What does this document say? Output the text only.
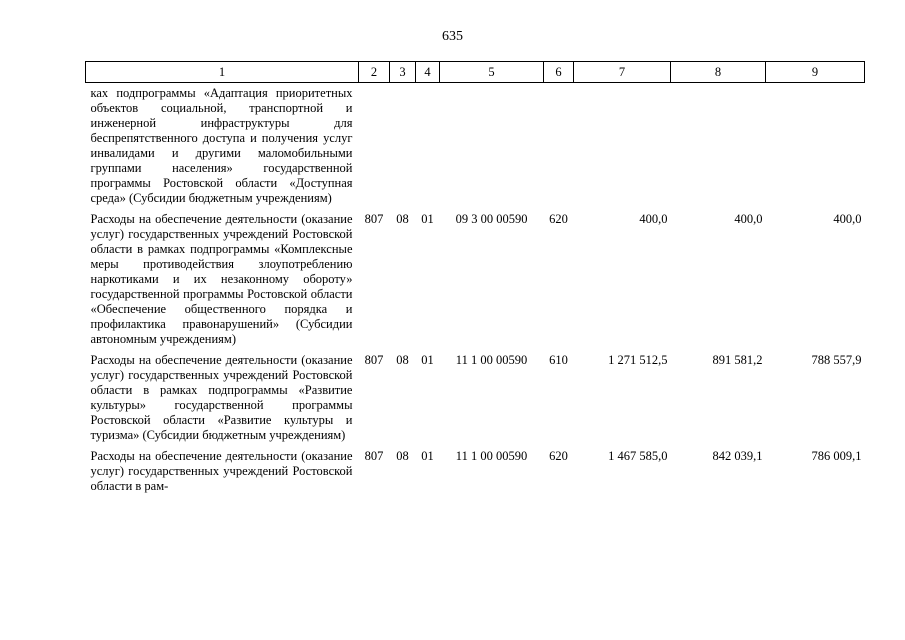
635
1	2	3	4	5	6	7	8	9
ках подпрограммы «Адаптация приоритетных объектов социальной, транспортной и инженерной инфраструктуры для беспрепятственного доступа и получения услуг инвалидами и другими маломобильными группами населения» государственной программы Ростовской области «Доступная среда» (Субсидии бюджетным учреждениям)								
Расходы на обеспечение деятельности (оказание услуг) государственных учреждений Ростовской области в рамках подпрограммы «Комплексные меры противодействия злоупотреблению наркотиками и их незаконному обороту» государственной программы Ростовской области «Обеспечение общественного порядка и профилактика правонарушений» (Субсидии автономным учреждениям)	807	08	01	09 3 00 00590	620	400,0	400,0	400,0
Расходы на обеспечение деятельности (оказание услуг) государственных учреждений Ростовской области в рамках подпрограммы «Развитие культуры» государственной программы Ростовской области «Развитие культуры и туризма» (Субсидии бюджетным учреждениям)	807	08	01	11 1 00 00590	610	1 271 512,5	891 581,2	788 557,9
Расходы на обеспечение деятельности (оказание услуг) государственных учреждений Ростовской области в рам-	807	08	01	11 1 00 00590	620	1 467 585,0	842 039,1	786 009,1
